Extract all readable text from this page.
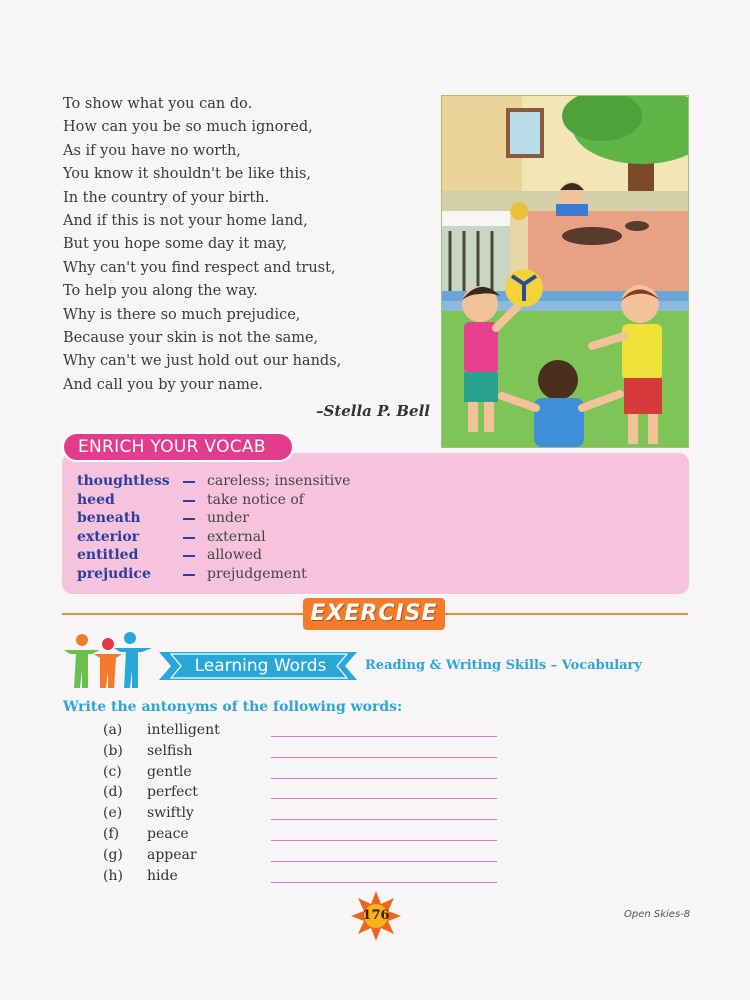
To show what you can do.
How can you be so much ignored,
As if you have no worth,
You know it shouldn't be like this,
In the country of your birth.
And if this is not your home land,
But you hope some day it may,
Why can't you find respect and trust,
To help you along the way.
Why is there so much prejudice,
Because your skin is not the same,
Why can't we just hold out our hands,
And call you by your name.
–Stella P. Bell
ENRICH YOUR VOCAB
thoughtless	careless; insensitive
heed	take notice of
beneath	under
exterior	external
entitled	allowed
prejudice	prejudgement
EXERCISE
Learning Words	Reading & Writing Skills – Vocabulary
Write the antonyms of the following words:
(a)	intelligent
(b)	selfish
(c)	gentle
(d)	perfect
(e)	swiftly
(f)	peace
(g)	appear
(h)	hide
176	Open Skies-8
